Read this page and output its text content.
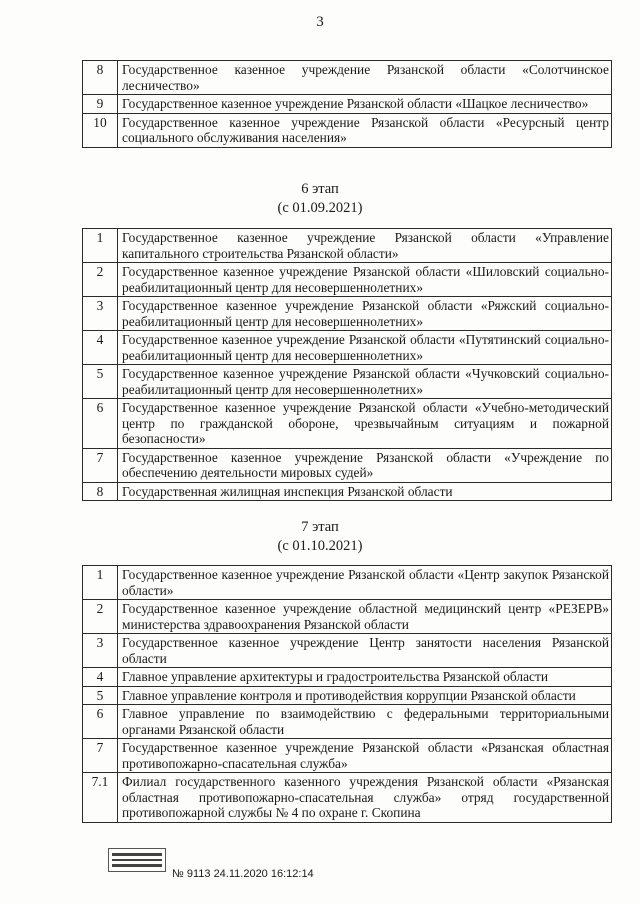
3
8	Государственное казенное учреждение Рязанской области «Солотчинское лесничество»
9	Государственное казенное учреждение Рязанской области «Шацкое лесничество»
10	Государственное казенное учреждение Рязанской области «Ресурсный центр социального обслуживания населения»
6 этап
(с 01.09.2021)
1	Государственное казенное учреждение Рязанской области «Управление капитального строительства Рязанской области»
2	Государственное казенное учреждение Рязанской области «Шиловский социально-реабилитационный центр для несовершеннолетних»
3	Государственное казенное учреждение Рязанской области «Ряжский социально-реабилитационный центр для несовершеннолетних»
4	Государственное казенное учреждение Рязанской области «Путятинский социально-реабилитационный центр для несовершеннолетних»
5	Государственное казенное учреждение Рязанской области «Чучковский социально-реабилитационный центр для несовершеннолетних»
6	Государственное казенное учреждение Рязанской области «Учебно-методический центр по гражданской обороне, чрезвычайным ситуациям и пожарной безопасности»
7	Государственное казенное учреждение Рязанской области «Учреждение по обеспечению деятельности мировых судей»
8	Государственная жилищная инспекция Рязанской области
7 этап
(с 01.10.2021)
1	Государственное казенное учреждение Рязанской области «Центр закупок Рязанской области»
2	Государственное казенное учреждение областной медицинский центр «РЕЗЕРВ» министерства здравоохранения Рязанской области
3	Государственное казенное учреждение Центр занятости населения Рязанской области
4	Главное управление архитектуры и градостроительства Рязанской области
5	Главное управление контроля и противодействия коррупции Рязанской области
6	Главное управление по взаимодействию с федеральными территориальными органами Рязанской области
7	Государственное казенное учреждение Рязанской области «Рязанская областная противопожарно-спасательная служба»
7.1	Филиал государственного казенного учреждения Рязанской области «Рязанская областная противопожарно-спасательная служба» отряд государственной противопожарной службы № 4 по охране г. Скопина
№ 9113 24.11.2020 16:12:14
